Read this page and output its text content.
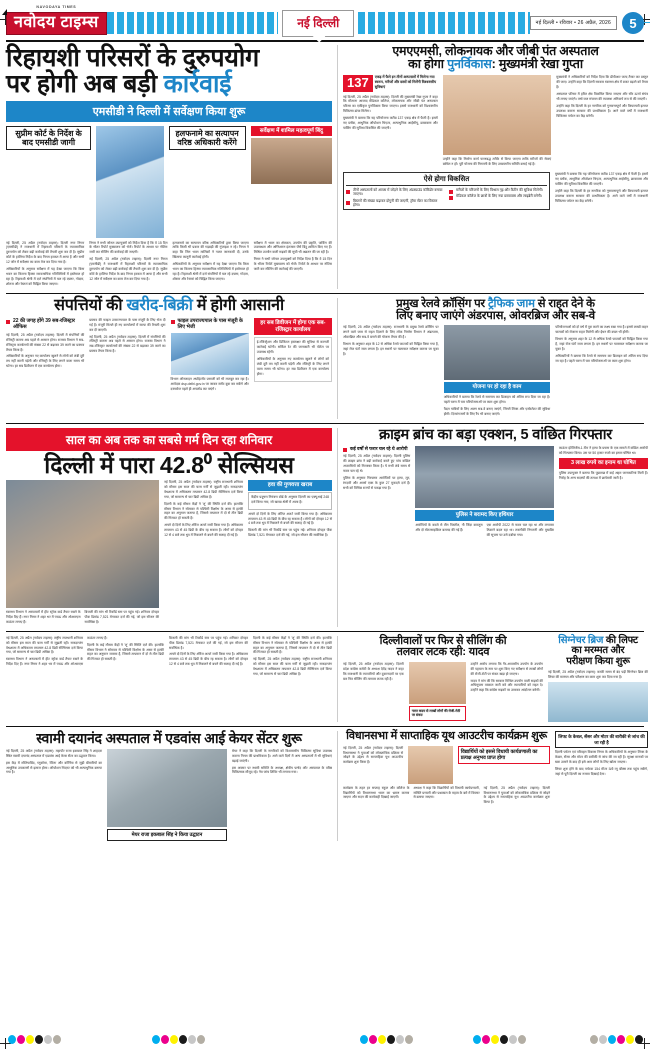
NAVODAYA TIMES
नवोदय टाइम्स	नई दिल्ली	नई दिल्ली • रविवार • 26 अप्रैल, 2026	5
रिहायशी परिसरों के दुरुपयोग
पर होगी अब बड़ी कार्रवाई
एमसीडी ने दिल्ली में सर्वेक्षण किया शुरू
सुप्रीम कोर्ट के निर्देश के बाद एमसीडी जागी
हलफनामे का सत्यापन वरिष्ठ अधिकारी करेंगे
सर्वेक्षण में शामिल महत्वपूर्ण बिंदु

नई दिल्ली, 25 अप्रैल (नवोदय टाइम्स): दिल्ली नगर निगम (एमसीडी) ने राजधानी में रिहायशी परिसरों के व्यावसायिक दुरुपयोग को लेकर बड़ी कार्रवाई की तैयारी शुरू कर दी है। सुप्रीम कोर्ट के हालिया निर्देश के बाद निगम हरकत में आया है और सभी 12 जोन में सर्वेक्षण का काम तेज कर दिया गया है।

अधिकारियों के अनुसार सर्वेक्षण में यह देखा जाएगा कि किस भवन का कितना हिस्सा व्यावसायिक गतिविधियों में इस्तेमाल हो रहा है। रिहायशी श्रेणी में दर्ज संपत्तियों में चल रहे दफ्तर, गोदाम, शोरूम और रेस्तरां को चिह्नित किया जाएगा।

निगम ने सभी जोनल उपायुक्तों को निर्देश दिया है कि वे 15 दिन के भीतर रिपोर्ट मुख्यालय को भेजें। रिपोर्ट के आधार पर नोटिस जारी कर सीलिंग की कार्रवाई की जाएगी।

नई दिल्ली, 25 अप्रैल (नवोदय टाइम्स): दिल्ली नगर निगम (एमसीडी) ने राजधानी में रिहायशी परिसरों के व्यावसायिक दुरुपयोग को लेकर बड़ी कार्रवाई की तैयारी शुरू कर दी है। सुप्रीम कोर्ट के हालिया निर्देश के बाद निगम हरकत में आया है और सभी 12 जोन में सर्वेक्षण का काम तेज कर दिया गया है।

हलफनामे का सत्यापन वरिष्ठ अधिकारियों द्वारा किया जाएगा ताकि किसी भी प्रकार की गड़बड़ी की गुंजाइश न रहे। निगम ने कहा कि जिन भवन मालिकों ने गलत जानकारी दी, उनके खिलाफ कानूनी कार्रवाई होगी।

अधिकारियों के अनुसार सर्वेक्षण में यह देखा जाएगा कि किस भवन का कितना हिस्सा व्यावसायिक गतिविधियों में इस्तेमाल हो रहा है। रिहायशी श्रेणी में दर्ज संपत्तियों में चल रहे दफ्तर, गोदाम, शोरूम और रेस्तरां को चिह्नित किया जाएगा।

सर्वेक्षण में भवन का क्षेत्रफल, उपयोग की प्रकृति, पार्किंग की उपलब्धता और अग्निशमन इंतजाम जैसे बिंदु शामिल किए गए हैं। मिश्रित उपयोग वाली सड़कों की सूची भी अद्यतन की जा रही है।

निगम ने सभी जोनल उपायुक्तों को निर्देश दिया है कि वे 15 दिन के भीतर रिपोर्ट मुख्यालय को भेजें। रिपोर्ट के आधार पर नोटिस जारी कर सीलिंग की कार्रवाई की जाएगी।

एमएएमसी, लोकनायक और जीबी पंत अस्पताल
का होगा पुनर्विकास: मुख्यमंत्री रेखा गुप्ता
137	एकड़ में फैले इन तीनों अस्पतालों में मिलेगा नया स्वरूप, मरीजों और छात्रों को मिलेंगी विश्वस्तरीय सुविधाएं

नई दिल्ली, 25 अप्रैल (नवोदय टाइम्स): दिल्ली की मुख्यमंत्री रेखा गुप्ता ने कहा कि मौलाना आजाद मेडिकल कॉलेज, लोकनायक और जीबी पंत अस्पताल परिसर का एकीकृत पुनर्विकास किया जाएगा। इससे राजधानी को विश्वस्तरीय चिकित्सा ढांचा मिलेगा।

मुख्यमंत्री ने बताया कि यह परियोजना करीब 137 एकड़ क्षेत्र में फैली है। इसमें नए ब्लॉक, आधुनिक ऑपरेशन थिएटर, अत्याधुनिक आईसीयू, छात्रावास और पार्किंग की सुविधा विकसित की जाएगी।

उन्होंने कहा कि निर्माण कार्य चरणबद्ध तरीके से किया जाएगा ताकि मरीजों की सेवाएं बाधित न हों। पूरी योजना की निगरानी के लिए उच्चस्तरीय समिति बनाई गई है।

मुख्यमंत्री ने अधिकारियों को निर्देश दिया कि डीपीआर जल्द तैयार कर प्रस्तुत की जाए। उन्होंने कहा कि दिल्ली सरकार स्वास्थ्य क्षेत्र में बजट बढ़ाने को तैयार है।

अस्पताल परिसर में हरित क्षेत्र विकसित किया जाएगा और सौर ऊर्जा संयंत्र भी लगाए जाएंगे। वर्षा जल संचयन की व्यवस्था अनिवार्य रूप से की जाएगी।

उन्होंने कहा कि दिल्ली के हर नागरिक को गुणवत्तापूर्ण और किफायती इलाज उपलब्ध कराना सरकार की प्राथमिकता है। आने वाले वर्षों में राजधानी चिकित्सा पर्यटन का केंद्र बनेगी।

ऐसे होगा विकसित
तीनों अस्पतालों को आपस में जोड़ने के लिए अंडरग्राउंड कॉरिडोर बनाया जाएगा।
बिस्तरों की संख्या बढ़ाकर दोगुनी की जाएगी, ट्रॉमा सेंटर का विस्तार होगा।
मरीजों के परिजनों के लिए विश्राम गृह और कैंटीन की सुविधा मिलेगी।
मेडिकल कॉलेज के छात्रों के लिए नया छात्रावास और लाइब्रेरी बनेगी।

मुख्यमंत्री ने बताया कि यह परियोजना करीब 137 एकड़ क्षेत्र में फैली है। इसमें नए ब्लॉक, आधुनिक ऑपरेशन थिएटर, अत्याधुनिक आईसीयू, छात्रावास और पार्किंग की सुविधा विकसित की जाएगी।

उन्होंने कहा कि दिल्ली के हर नागरिक को गुणवत्तापूर्ण और किफायती इलाज उपलब्ध कराना सरकार की प्राथमिकता है। आने वाले वर्षों में राजधानी चिकित्सा पर्यटन का केंद्र बनेगी।

संपत्तियों की खरीद-बिक्री में होगी आसानी
22 की जगह होंगे 39 सब-रजिस्ट्रार ऑफिस

नई दिल्ली, 25 अप्रैल (नवोदय टाइम्स): दिल्ली में संपत्तियों की रजिस्ट्री कराना अब पहले से आसान होगा। राजस्व विभाग ने सब-रजिस्ट्रार कार्यालयों की संख्या 22 से बढ़ाकर 39 करने का प्रस्ताव तैयार किया है।

अधिकारियों के अनुसार नए कार्यालय खुलने से लोगों को लंबी दूरी तय नहीं करनी पड़ेगी और रजिस्ट्री के लिए लगने वाला समय भी घटेगा। हर सब डिवीजन में एक कार्यालय होगा।

प्रस्ताव की फाइल उपराज्यपाल के पास मंजूरी के लिए भेज दी गई है। मंजूरी मिलते ही नए कार्यालयों में स्टाफ की तैनाती शुरू कर दी जाएगी।

नई दिल्ली, 25 अप्रैल (नवोदय टाइम्स): दिल्ली में संपत्तियों की रजिस्ट्री कराना अब पहले से आसान होगा। राजस्व विभाग ने सब-रजिस्ट्रार कार्यालयों की संख्या 22 से बढ़ाकर 39 करने का प्रस्ताव तैयार किया है।

फाइल उपराज्यपाल के पास मंजूरी के लिए भेजी

विभाग ऑनलाइन अपॉइंटमेंट प्रणाली को भी मजबूत कर रहा है। आवेदक dsp.delhi.gov.in पर जाकर स्लॉट बुक कर सकेंगे और दस्तावेज पहले ही अपलोड कर पाएंगे।

हर सब डिवीजन में होगा एक सब-रजिस्ट्रार कार्यालय

ई-रजिस्ट्रेशन और डिजिटल हस्ताक्षर की सुविधा से कागजी कार्रवाई घटेगी। सर्किल रेट की जानकारी भी पोर्टल पर उपलब्ध रहेगी।

अधिकारियों के अनुसार नए कार्यालय खुलने से लोगों को लंबी दूरी तय नहीं करनी पड़ेगी और रजिस्ट्री के लिए लगने वाला समय भी घटेगा। हर सब डिवीजन में एक कार्यालय होगा।

प्रमुख रेलवे क्रॉसिंग पर ट्रैफिक जाम से राहत देने के
लिए बनाए जाएंगे अंडरपास, ओवरब्रिज और सब-वे

नई दिल्ली, 25 अप्रैल (नवोदय टाइम्स): राजधानी के प्रमुख रेलवे क्रॉसिंग पर लगने वाले जाम से राहत दिलाने के लिए लोक निर्माण विभाग ने अंडरपास, ओवरब्रिज और सब-वे बनाने की योजना तैयार की है।

विभाग के अनुसार शहर के 12 से अधिक रेलवे फाटकों को चिह्नित किया गया है, जहां रोज घंटों जाम लगता है। इन स्थानों पर यातायात सर्वेक्षण कराया जा चुका है।

योजना पर हो रहा है काम

अधिकारियों ने बताया कि रेलवे से समन्वय कर डिजाइन को अंतिम रूप दिया जा रहा है। पहले चरण में चार परियोजनाओं पर काम शुरू होगा।

पैदल यात्रियों के लिए अलग सब-वे बनाए जाएंगे, जिनमें लिफ्ट और एस्केलेटर की सुविधा होगी। दिव्यांगजनों के लिए रैंप भी बनाए जाएंगे।

परियोजनाओं को दो वर्ष में पूरा करने का लक्ष्य रखा गया है। इससे लाखों वाहन चालकों को रोजाना राहत मिलेगी और ईंधन की बचत भी होगी।

विभाग के अनुसार शहर के 12 से अधिक रेलवे फाटकों को चिह्नित किया गया है, जहां रोज घंटों जाम लगता है। इन स्थानों पर यातायात सर्वेक्षण कराया जा चुका है।

अधिकारियों ने बताया कि रेलवे से समन्वय कर डिजाइन को अंतिम रूप दिया जा रहा है। पहले चरण में चार परियोजनाओं पर काम शुरू होगा।

साल का अब तक का सबसे गर्म दिन रहा शनिवार
दिल्ली में पारा 42.8⁰ सेल्सियस

स्वास्थ्य विभाग ने अस्पतालों में हीट स्ट्रोक वार्ड तैयार रखने के निर्देश दिए हैं। नगर निगम ने शहर भर में प्याऊ और ओआरएस काउंटर लगाए हैं।

बिजली की मांग भी रिकॉर्ड स्तर पर पहुंच गई। शनिवार दोपहर पीक डिमांड 7,521 मेगावाट दर्ज की गई, जो इस सीजन की सर्वाधिक है।

नई दिल्ली, 25 अप्रैल (नवोदय टाइम्स): राष्ट्रीय राजधानी शनिवार को मौसम इस साल की चरम गर्मी से जूझती रही। सफदरजंग वेधशाला में अधिकतम तापमान 42.8 डिग्री सेल्सियस दर्ज किया गया, जो सामान्य से चार डिग्री अधिक है।

दिल्ली के कई मौसम केंद्रों ने 'लू' की स्थिति दर्ज की। हालांकि मौसम विभाग ने सोमवार से पश्चिमी विक्षोभ के असर से हल्की राहत का अनुमान जताया है, जिससे तापमान में दो से तीन डिग्री की गिरावट हो सकती है।

अगले दो दिनों के लिए ऑरेंज अलर्ट जारी किया गया है। अधिकतम तापमान 43 से 45 डिग्री के बीच रह सकता है। लोगों को दोपहर 12 से 4 बजे तक धूप में निकलने से बचने की सलाह दी गई है।

हवा की गुणवत्ता खराब

केंद्रीय प्रदूषण नियंत्रण बोर्ड के अनुसार दिल्ली का एक्यूआई 248 दर्ज किया गया, जो खराब श्रेणी में आता है।

अगले दो दिनों के लिए ऑरेंज अलर्ट जारी किया गया है। अधिकतम तापमान 43 से 45 डिग्री के बीच रह सकता है। लोगों को दोपहर 12 से 4 बजे तक धूप में निकलने से बचने की सलाह दी गई है।

बिजली की मांग भी रिकॉर्ड स्तर पर पहुंच गई। शनिवार दोपहर पीक डिमांड 7,521 मेगावाट दर्ज की गई, जो इस सीजन की सर्वाधिक है।

क्राइम ब्रांच का बड़ा एक्शन, 5 वांछित गिरफ्तार
कई वर्षों से फरार चल रहे थे आरोपी

नई दिल्ली, 25 अप्रैल (नवोदय टाइम्स): दिल्ली पुलिस की क्राइम ब्रांच ने बड़ी कार्रवाई करते हुए पांच वांछित अपराधियों को गिरफ्तार किया है। ये सभी लंबे समय से फरार चल रहे थे।

पुलिस के अनुसार गिरफ्तार आरोपियों पर हत्या, लूट, रंगदारी और आर्म्स एक्ट के कुल 27 मुकदमे दर्ज हैं। सभी को विभिन्न राज्यों से पकड़ा गया है।

पुलिस ने बरामद किए हथियार

आरोपियों के कब्जे से तीन पिस्तौल, नौ जिंदा कारतूस और दो मोटरसाइकिल बरामद की गई हैं।

एक आरोपी 2022 से फरार चल रहा था और लगातार ठिकाने बदल रहा था। तकनीकी निगरानी और मुखबिर की सूचना पर उसे दबोचा गया।

काउंटर इंटेलिजेंस-1 टीम ने हत्या के प्रयास के एक मामले में वांछित आरोपी को गिरफ्तार किया। उस पर 50 हजार रुपये का इनाम घोषित था।

3 लाख रुपये का इनाम था घोषित

पुलिस उपायुक्त ने बताया कि पूछताछ में कई अहम जानकारियां मिली हैं। गिरोह के अन्य सदस्यों की तलाश में छापेमारी जारी है।

नई दिल्ली, 25 अप्रैल (नवोदय टाइम्स): राष्ट्रीय राजधानी शनिवार को मौसम इस साल की चरम गर्मी से जूझती रही। सफदरजंग वेधशाला में अधिकतम तापमान 42.8 डिग्री सेल्सियस दर्ज किया गया, जो सामान्य से चार डिग्री अधिक है।

स्वास्थ्य विभाग ने अस्पतालों में हीट स्ट्रोक वार्ड तैयार रखने के निर्देश दिए हैं। नगर निगम ने शहर भर में प्याऊ और ओआरएस काउंटर लगाए हैं।

दिल्ली के कई मौसम केंद्रों ने 'लू' की स्थिति दर्ज की। हालांकि मौसम विभाग ने सोमवार से पश्चिमी विक्षोभ के असर से हल्की राहत का अनुमान जताया है, जिससे तापमान में दो से तीन डिग्री की गिरावट हो सकती है।

बिजली की मांग भी रिकॉर्ड स्तर पर पहुंच गई। शनिवार दोपहर पीक डिमांड 7,521 मेगावाट दर्ज की गई, जो इस सीजन की सर्वाधिक है।

अगले दो दिनों के लिए ऑरेंज अलर्ट जारी किया गया है। अधिकतम तापमान 43 से 45 डिग्री के बीच रह सकता है। लोगों को दोपहर 12 से 4 बजे तक धूप में निकलने से बचने की सलाह दी गई है।

दिल्ली के कई मौसम केंद्रों ने 'लू' की स्थिति दर्ज की। हालांकि मौसम विभाग ने सोमवार से पश्चिमी विक्षोभ के असर से हल्की राहत का अनुमान जताया है, जिससे तापमान में दो से तीन डिग्री की गिरावट हो सकती है।

नई दिल्ली, 25 अप्रैल (नवोदय टाइम्स): राष्ट्रीय राजधानी शनिवार को मौसम इस साल की चरम गर्मी से जूझती रही। सफदरजंग वेधशाला में अधिकतम तापमान 42.8 डिग्री सेल्सियस दर्ज किया गया, जो सामान्य से चार डिग्री अधिक है।

दिल्लीवालों पर फिर से सीलिंग की
तलवार लटक रही: यादव

नई दिल्ली, 25 अप्रैल (नवोदय टाइम्स): दिल्ली प्रदेश कांग्रेस कमेटी के अध्यक्ष देवेंद्र यादव ने कहा कि राजधानी के व्यापारियों और दुकानदारों पर एक बार फिर सीलिंग की तलवार लटक रही है।

गलत कदम से लाखों लोगों की रोजी-रोटी पर संकट

उन्होंने आरोप लगाया कि गैर-आवासीय उपयोग के उपयोग की पहचान के नाम पर शुरू किए गए सर्वेक्षण से लाखों लोगों की रोजी-रोटी पर संकट खड़ा हो जाएगा।

यादव ने मांग की कि सरकार मिश्रित उपयोग वाली सड़कों की अधिसूचना तत्काल जारी करे और व्यापारियों को राहत दे। उन्होंने कहा कि कांग्रेस सड़कों पर उतरकर आंदोलन करेगी।

सिग्नेचर ब्रिज की लिफ्ट
का मरम्मत और
परीक्षण किया शुरू

नई दिल्ली, 25 अप्रैल (नवोदय टाइम्स): काफी समय से बंद पड़ी सिग्नेचर ब्रिज की लिफ्ट की मरम्मत और परीक्षण का काम शुरू कर दिया गया है।

स्वामी दयानंद अस्पताल में एडवांस आई केयर सेंटर शुरू

नई दिल्ली, 25 अप्रैल (नवोदय टाइम्स): महापौर राजा इकबाल सिंह ने शाहदरा स्थित स्वामी दयानंद अस्पताल में एडवांस आई केयर सेंटर का उद्घाटन किया।

इस केंद्र में मोतियाबिंद, ग्लूकोमा, रेटिना और कॉर्निया से जुड़ी बीमारियों का आधुनिक उपकरणों से इलाज होगा। ऑपरेशन थिएटर को भी अत्याधुनिक बनाया गया है।

मेयर राजा इकबाल सिंह ने किया उद्घाटन

मेयर ने कहा कि दिल्ली के नागरिकों को विश्वस्तरीय चिकित्सा सुविधा उपलब्ध कराना निगम की प्राथमिकता है। आने वाले दिनों में अन्य अस्पतालों में भी सुविधाएं बढ़ाई जाएंगी।

इस अवसर पर स्थायी समिति के अध्यक्ष, क्षेत्रीय पार्षद और अस्पताल के वरिष्ठ चिकित्सक मौजूद रहे। नेत्र जांच शिविर भी लगाया गया।

विधानसभा में साप्ताहिक यूथ आउटरीच कार्यक्रम शुरू

नई दिल्ली, 25 अप्रैल (नवोदय टाइम्स): दिल्ली विधानसभा ने युवाओं को लोकतांत्रिक प्रक्रिया से जोड़ने के उद्देश्य से साप्ताहिक यूथ आउटरीच कार्यक्रम शुरू किया है।

विद्यार्थियों को इससे विधायी कार्यप्रणाली का प्रत्यक्ष अनुभव प्राप्त होगा

कार्यक्रम के तहत हर सप्ताह स्कूल और कॉलेज के विद्यार्थियों को विधानसभा भवन का भ्रमण कराया जाएगा और सदन की कार्यवाही दिखाई जाएगी।

अध्यक्ष ने कहा कि विद्यार्थियों को विधायी कार्यप्रणाली, समिति प्रणाली और प्रश्नकाल के महत्व के बारे में विस्तार से बताया जाएगा।

नई दिल्ली, 25 अप्रैल (नवोदय टाइम्स): दिल्ली विधानसभा ने युवाओं को लोकतांत्रिक प्रक्रिया से जोड़ने के उद्देश्य से साप्ताहिक यूथ आउटरीच कार्यक्रम शुरू किया है।

लिफ्ट के केबल, सेंसर और मोटर की बारीकी से जांच की जा रही है

दिल्ली पर्यटन एवं परिवहन विकास निगम के अधिकारियों के अनुसार लिफ्ट के केबल, सेंसर और मोटर की बारीकी से जांच की जा रही है। सुरक्षा मानकों पर खरा उतरने के बाद ही इसे आम लोगों के लिए खोला जाएगा।

लिफ्ट शुरू होने के बाद पर्यटक 154 मीटर ऊंचे व्यू बॉक्स तक पहुंच सकेंगे, जहां से पूरी दिल्ली का नजारा दिखाई देगा।
